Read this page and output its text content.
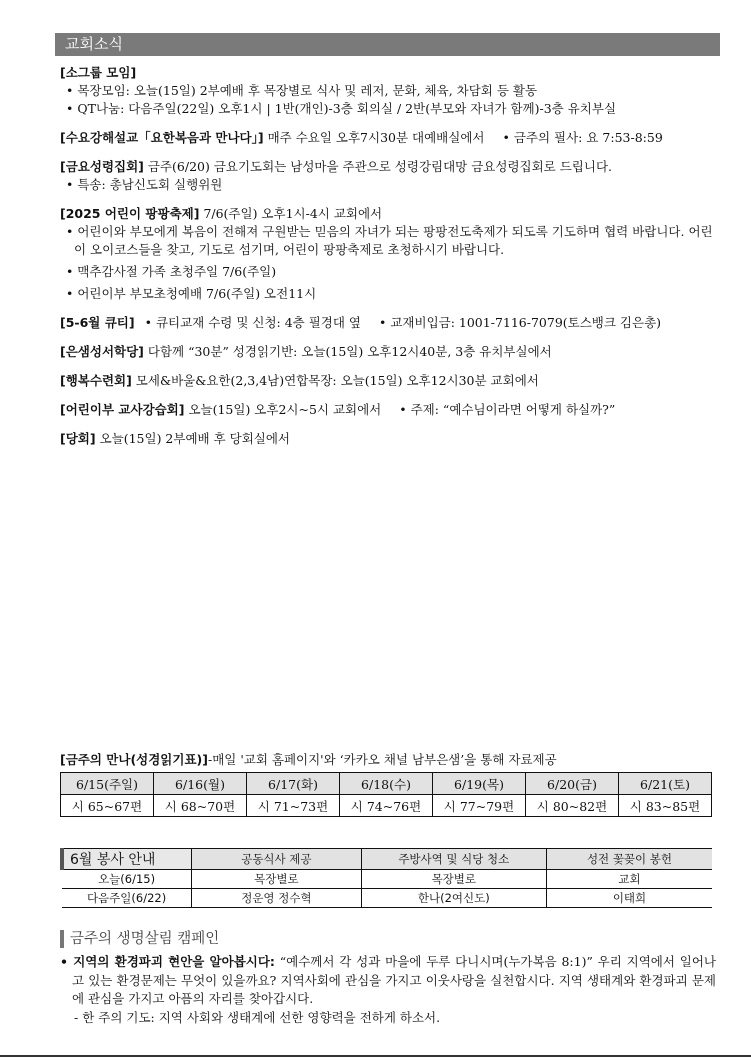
교회소식
[소그룹 모임]
• 목장모임: 오늘(15일) 2부예배 후 목장별로 식사 및 레저, 문화, 체육, 차담회 등 활동
• QT나눔: 다음주일(22일) 오후1시 | 1반(개인)-3층 회의실 / 2반(부모와 자녀가 함께)-3층 유치부실
[수요강해설교「요한복음과 만나다」] 매주 수요일 오후7시30분 대예배실에서 • 금주의 필사: 요 7:53-8:59
[금요성령집회] 금주(6/20) 금요기도회는 남성마을 주관으로 성령강림대망 금요성령집회로 드립니다.
• 특송: 총남신도회 실행위원
[2025 어린이 팡팡축제] 7/6(주일) 오후1시-4시 교회에서
• 어린이와 부모에게 복음이 전해져 구원받는 믿음의 자녀가 되는 팡팡전도축제가 되도록 기도하며 협력 바랍니다. 어린이 오이코스들을 찾고, 기도로 섬기며, 어린이 팡팡축제로 초청하시기 바랍니다.
• 맥추감사절 가족 초청주일 7/6(주일)
• 어린이부 부모초청예배 7/6(주일) 오전11시
[5-6월 큐티] • 큐티교재 수령 및 신청: 4층 필경대 옆 • 교재비입금: 1001-7116-7079(토스뱅크 김은총)
[은샘성서학당] 다함께 “30분” 성경읽기반: 오늘(15일) 오후12시40분, 3층 유치부실에서
[행복수련회] 모세&바울&요한(2,3,4남)연합목장: 오늘(15일) 오후12시30분 교회에서
[어린이부 교사강습회] 오늘(15일) 오후2시~5시 교회에서 • 주제: “예수님이라면 어떻게 하실까?”
[당회] 오늘(15일) 2부예배 후 당회실에서
[금주의 만나(성경읽기표)]-매일 '교회 홈페이지'와 ‘카카오 채널 남부은샘’을 통해 자료제공
6/15(주일)	6/16(월)	6/17(화)	6/18(수)	6/19(목)	6/20(금)	6/21(토)
시 65~67편	시 68~70편	시 71~73편	시 74~76편	시 77~79편	시 80~82편	시 83~85편
6월 봉사 안내	공동식사 제공	주방사역 및 식당 청소	성전 꽃꽂이 봉헌
오늘(6/15)	목장별로	목장별로	교회
다음주일(6/22)	정운영 정수혁	한나(2여신도)	이태희
금주의 생명살림 캠페인
• 지역의 환경파괴 현안을 알아봅시다: “예수께서 각 성과 마을에 두루 다니시며(누가복음 8:1)” 우리 지역에서 일어나고 있는 환경문제는 무엇이 있을까요? 지역사회에 관심을 가지고 이웃사랑을 실천합시다. 지역 생태계와 환경파괴 문제에 관심을 가지고 아픔의 자리를 찾아갑시다.
- 한 주의 기도: 지역 사회와 생태계에 선한 영향력을 전하게 하소서.
